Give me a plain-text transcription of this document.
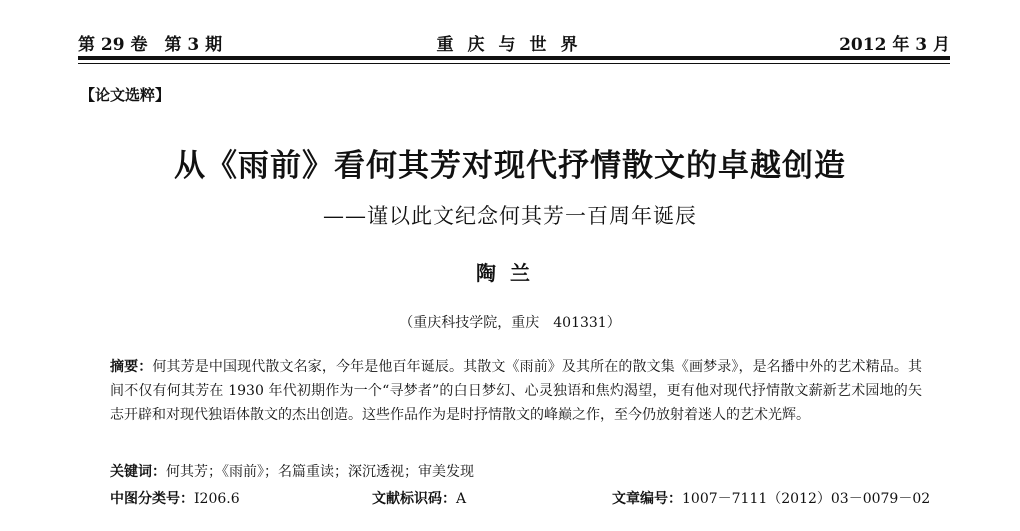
第 29 卷　第 3 期	重庆与世界	2012 年 3 月
【论文选粹】
从《雨前》看何其芳对现代抒情散文的卓越创造
——谨以此文纪念何其芳一百周年诞辰
陶兰
（重庆科技学院，重庆　401331）
摘要：何其芳是中国现代散文名家，今年是他百年诞辰。其散文《雨前》及其所在的散文集《画梦录》，是名播中外的艺术精品。其间不仅有何其芳在 1930 年代初期作为一个“寻梦者”的白日梦幻、心灵独语和焦灼渴望，更有他对现代抒情散文薪新艺术园地的矢志开辟和对现代独语体散文的杰出创造。这些作品作为是时抒情散文的峰巅之作，至今仍放射着迷人的艺术光辉。
关键词：何其芳；《雨前》；名篇重读；深沉透视；审美发现
中图分类号：I206.6	文献标识码：A	文章编号：1007－7111（2012）03－0079－02
